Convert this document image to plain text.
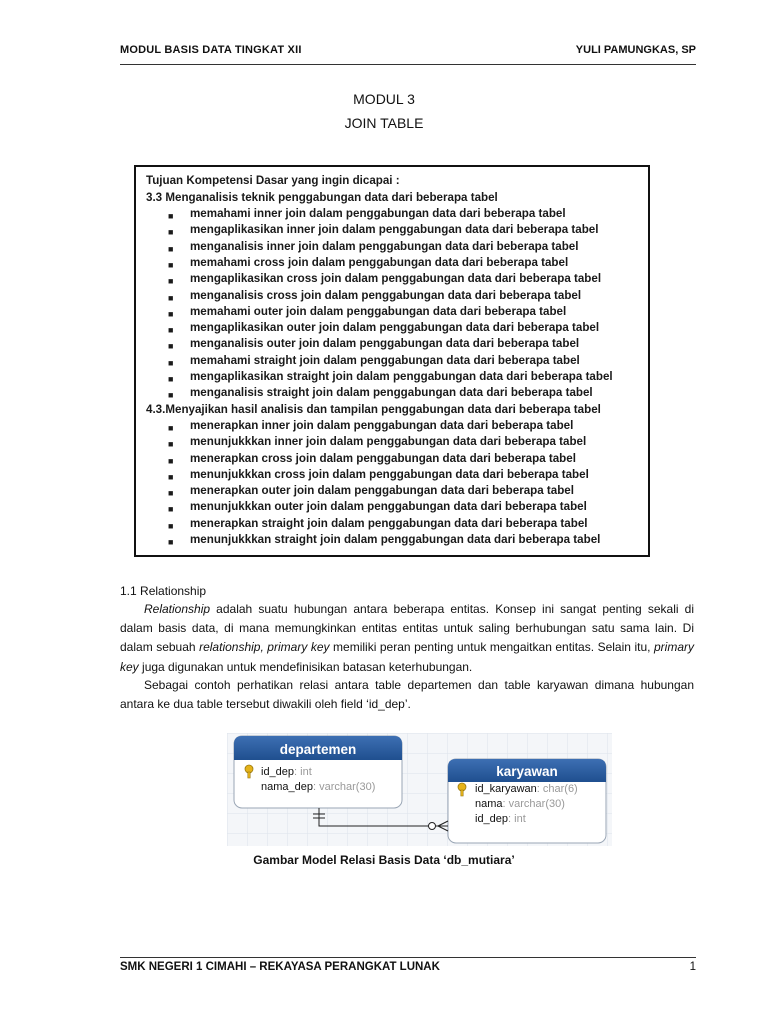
MODUL BASIS DATA TINGKAT XII	YULI PAMUNGKAS, SP
MODUL 3
JOIN TABLE
Tujuan Kompetensi Dasar yang ingin dicapai :
3.3 Menganalisis teknik penggabungan data dari beberapa tabel
■ memahami inner join dalam penggabungan data dari beberapa tabel
■ mengaplikasikan inner join dalam penggabungan data dari beberapa tabel
■ menganalisis inner join dalam penggabungan data dari beberapa tabel
■ memahami cross join dalam penggabungan data dari beberapa tabel
■ mengaplikasikan cross join dalam penggabungan data dari beberapa tabel
■ menganalisis cross join dalam penggabungan data dari beberapa tabel
■ memahami outer join dalam penggabungan data dari beberapa tabel
■ mengaplikasikan outer join dalam penggabungan data dari beberapa tabel
■ menganalisis outer join dalam penggabungan data dari beberapa tabel
■ memahami straight join dalam penggabungan data dari beberapa tabel
■ mengaplikasikan straight join dalam penggabungan data dari beberapa tabel
■ menganalisis straight join dalam penggabungan data dari beberapa tabel
4.3.Menyajikan hasil analisis dan tampilan penggabungan data dari beberapa tabel
■ menerapkan inner join dalam penggabungan data dari beberapa tabel
■ menunjukkkan inner join dalam penggabungan data dari beberapa tabel
■ menerapkan cross join dalam penggabungan data dari beberapa tabel
■ menunjukkkan cross join dalam penggabungan data dari beberapa tabel
■ menerapkan outer join dalam penggabungan data dari beberapa tabel
■ menunjukkkan outer join dalam penggabungan data dari beberapa tabel
■ menerapkan straight join dalam penggabungan data dari beberapa tabel
■ menunjukkkan straight join dalam penggabungan data dari beberapa tabel
1.1 Relationship
Relationship adalah suatu hubungan antara beberapa entitas. Konsep ini sangat penting sekali di dalam basis data, di mana memungkinkan entitas entitas untuk saling berhubungan satu sama lain. Di dalam sebuah relationship, primary key memiliki peran penting untuk mengaitkan entitas. Selain itu, primary key juga digunakan untuk mendefinisikan batasan keterhubungan.
Sebagai contoh perhatikan relasi antara table departemen dan table karyawan dimana hubungan antara ke dua table tersebut diwakili oleh field ‘id_dep’.
departemen
id_dep: int
nama_dep: varchar(30)
karyawan
id_karyawan: char(6)
nama: varchar(30)
id_dep: int
Gambar Model Relasi Basis Data ‘db_mutiara’
SMK NEGERI 1 CIMAHI – REKAYASA PERANGKAT LUNAK	1
